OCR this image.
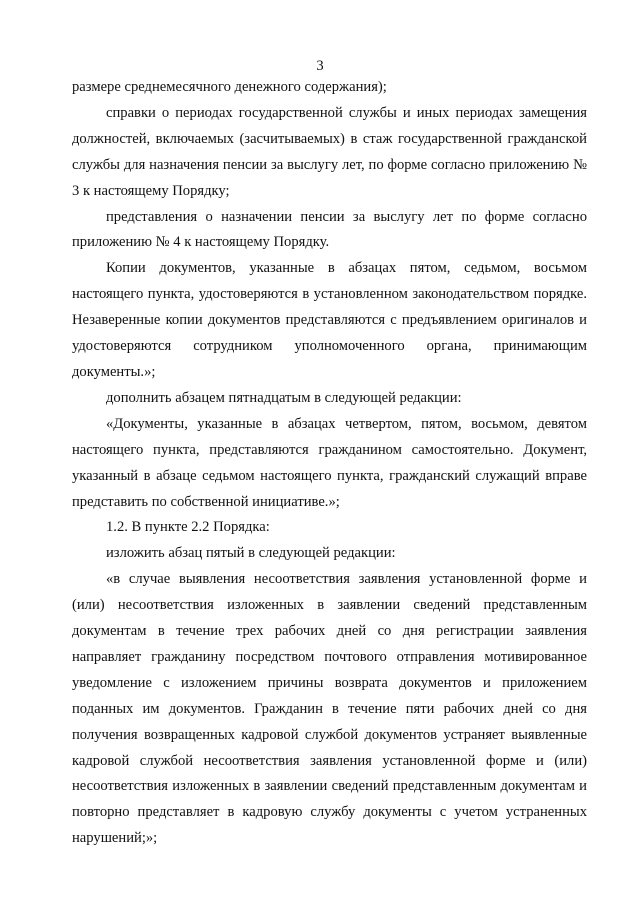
3

размере среднемесячного денежного содержания);

справки о периодах государственной службы и иных периодах замещения должностей, включаемых (засчитываемых) в стаж государственной гражданской службы для назначения пенсии за выслугу лет, по форме согласно приложению № 3 к настоящему Порядку;

представления о назначении пенсии за выслугу лет по форме согласно приложению № 4 к настоящему Порядку.

Копии документов, указанные в абзацах пятом, седьмом, восьмом настоящего пункта, удостоверяются в установленном законодательством порядке. Незаверенные копии документов представляются с предъявлением оригиналов и удостоверяются сотрудником уполномоченного органа, принимающим документы.»;

дополнить абзацем пятнадцатым в следующей редакции:

«Документы, указанные в абзацах четвертом, пятом, восьмом, девятом настоящего пункта, представляются гражданином самостоятельно. Документ, указанный в абзаце седьмом настоящего пункта, гражданский служащий вправе представить по собственной инициативе.»;

1.2. В пункте 2.2 Порядка:

изложить абзац пятый в следующей редакции:

«в случае выявления несоответствия заявления установленной форме и (или) несоответствия изложенных в заявлении сведений представленным документам в течение трех рабочих дней со дня регистрации заявления направляет гражданину посредством почтового отправления мотивированное уведомление с изложением причины возврата документов и приложением поданных им документов. Гражданин в течение пяти рабочих дней со дня получения возвращенных кадровой службой документов устраняет выявленные кадровой службой несоответствия заявления установленной форме и (или) несоответствия изложенных в заявлении сведений представленным документам и повторно представляет в кадровую службу документы с учетом устраненных нарушений;»;
